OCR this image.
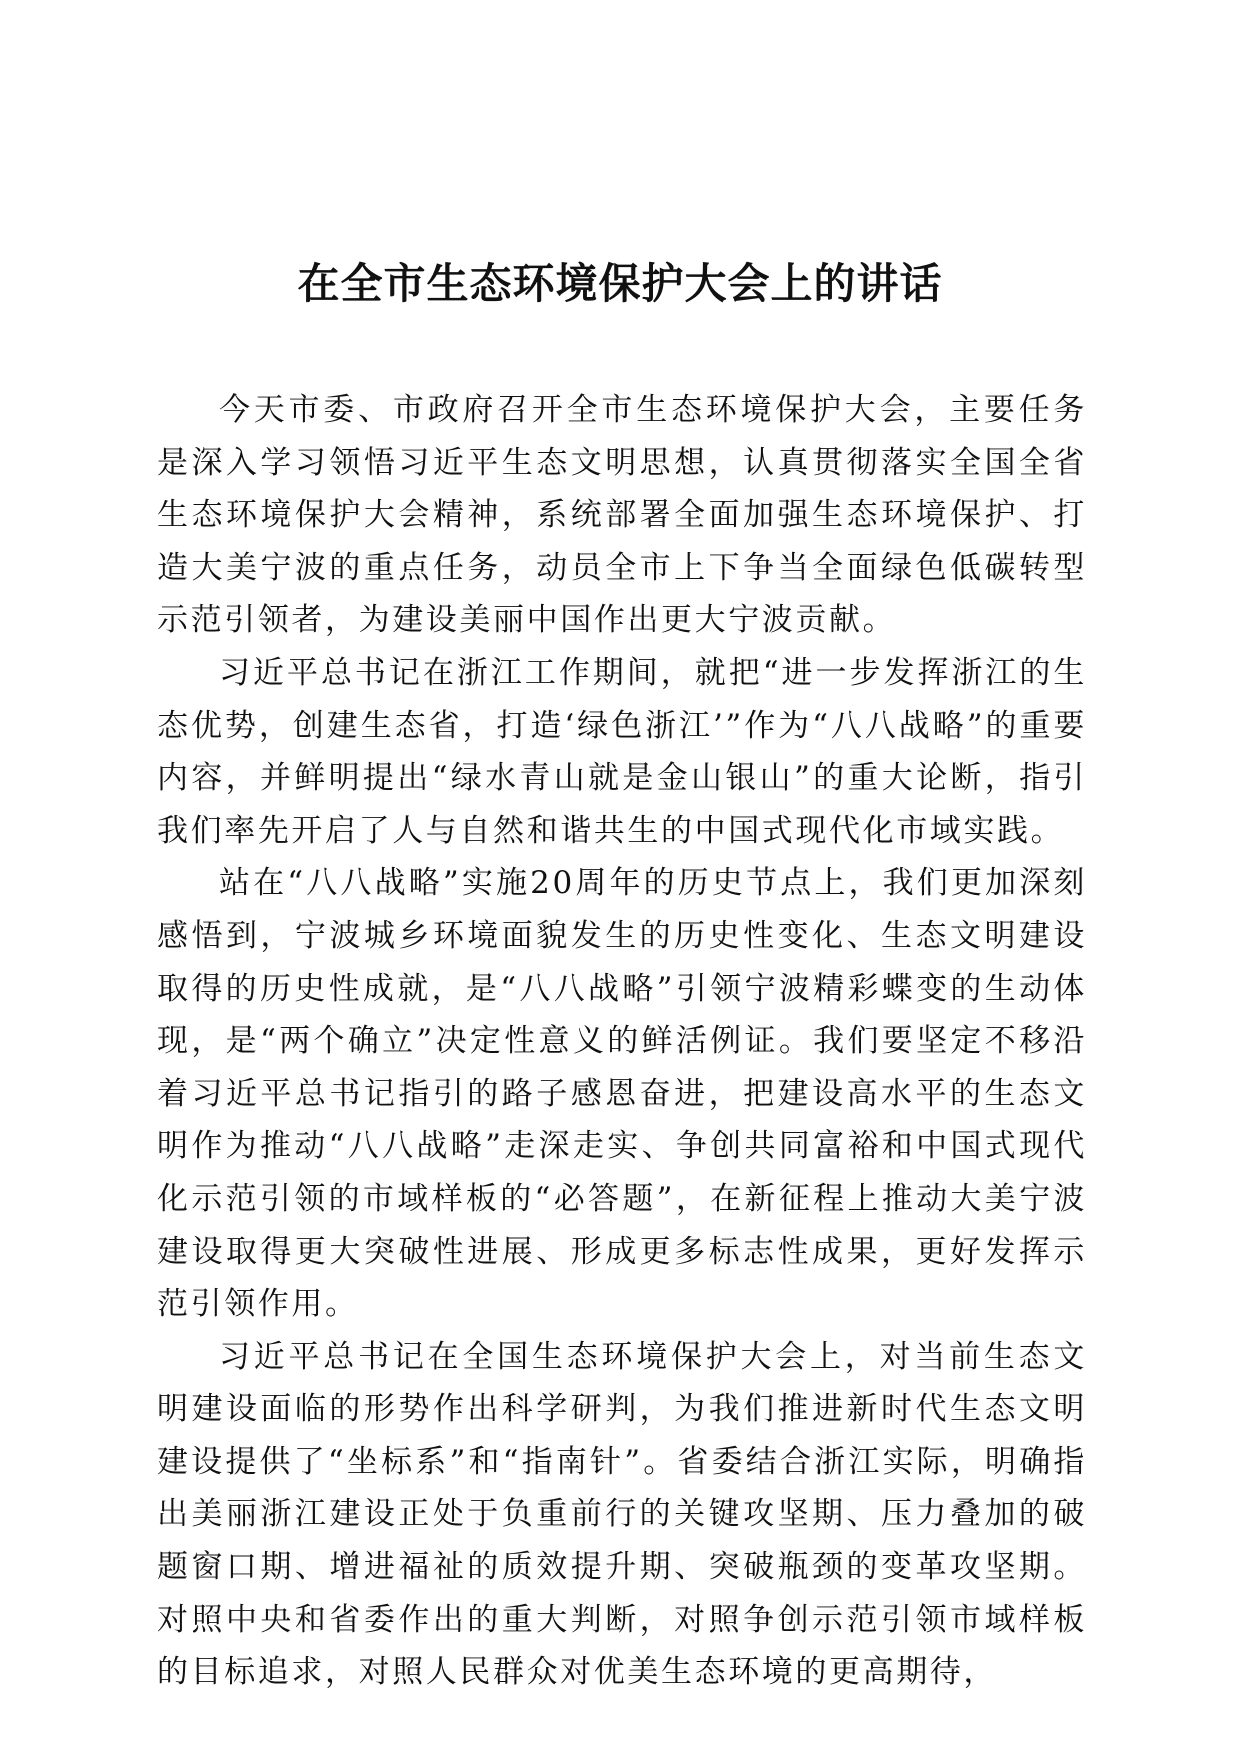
在全市生态环境保护大会上的讲话

今天市委、市政府召开全市生态环境保护大会，主要任务是深入学习领悟习近平生态文明思想，认真贯彻落实全国全省生态环境保护大会精神，系统部署全面加强生态环境保护、打造大美宁波的重点任务，动员全市上下争当全面绿色低碳转型示范引领者，为建设美丽中国作出更大宁波贡献。

习近平总书记在浙江工作期间，就把“进一步发挥浙江的生态优势，创建生态省，打造‘绿色浙江’”作为“八八战略”的重要内容，并鲜明提出“绿水青山就是金山银山”的重大论断，指引我们率先开启了人与自然和谐共生的中国式现代化市域实践。

站在“八八战略”实施20周年的历史节点上，我们更加深刻感悟到，宁波城乡环境面貌发生的历史性变化、生态文明建设取得的历史性成就，是“八八战略”引领宁波精彩蝶变的生动体现，是“两个确立”决定性意义的鲜活例证。我们要坚定不移沿着习近平总书记指引的路子感恩奋进，把建设高水平的生态文明作为推动“八八战略”走深走实、争创共同富裕和中国式现代化示范引领的市域样板的“必答题”，在新征程上推动大美宁波建设取得更大突破性进展、形成更多标志性成果，更好发挥示范引领作用。

习近平总书记在全国生态环境保护大会上，对当前生态文明建设面临的形势作出科学研判，为我们推进新时代生态文明建设提供了“坐标系”和“指南针”。省委结合浙江实际，明确指出美丽浙江建设正处于负重前行的关键攻坚期、压力叠加的破题窗口期、增进福祉的质效提升期、突破瓶颈的变革攻坚期。对照中央和省委作出的重大判断，对照争创示范引领市域样板的目标追求，对照人民群众对优美生态环境的更高期待，
